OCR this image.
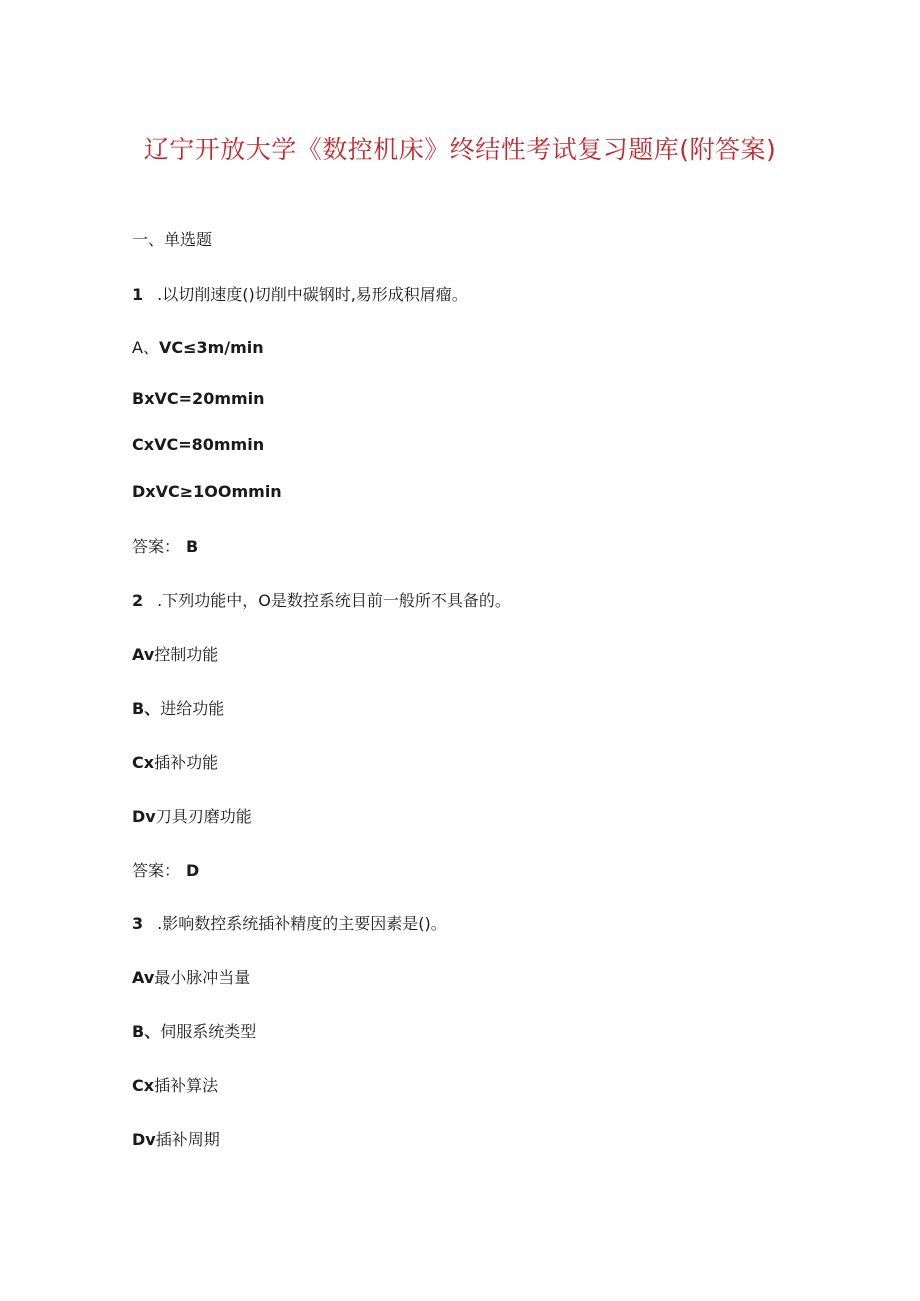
辽宁开放大学《数控机床》终结性考试复习题库(附答案)
一、单选题
1 .以切削速度()切削中碳钢时,易形成积屑瘤。
A、VC≤3m/min
BxVC=20mmin
CxVC=80mmin
DxVC≥1OOmmin
答案： B
2 .下列功能中，O是数控系统目前一般所不具备的。
Av控制功能
B、进给功能
Cx插补功能
Dv刀具刃磨功能
答案： D
3 .影响数控系统插补精度的主要因素是()。
Av最小脉冲当量
B、伺服系统类型
Cx插补算法
Dv插补周期
